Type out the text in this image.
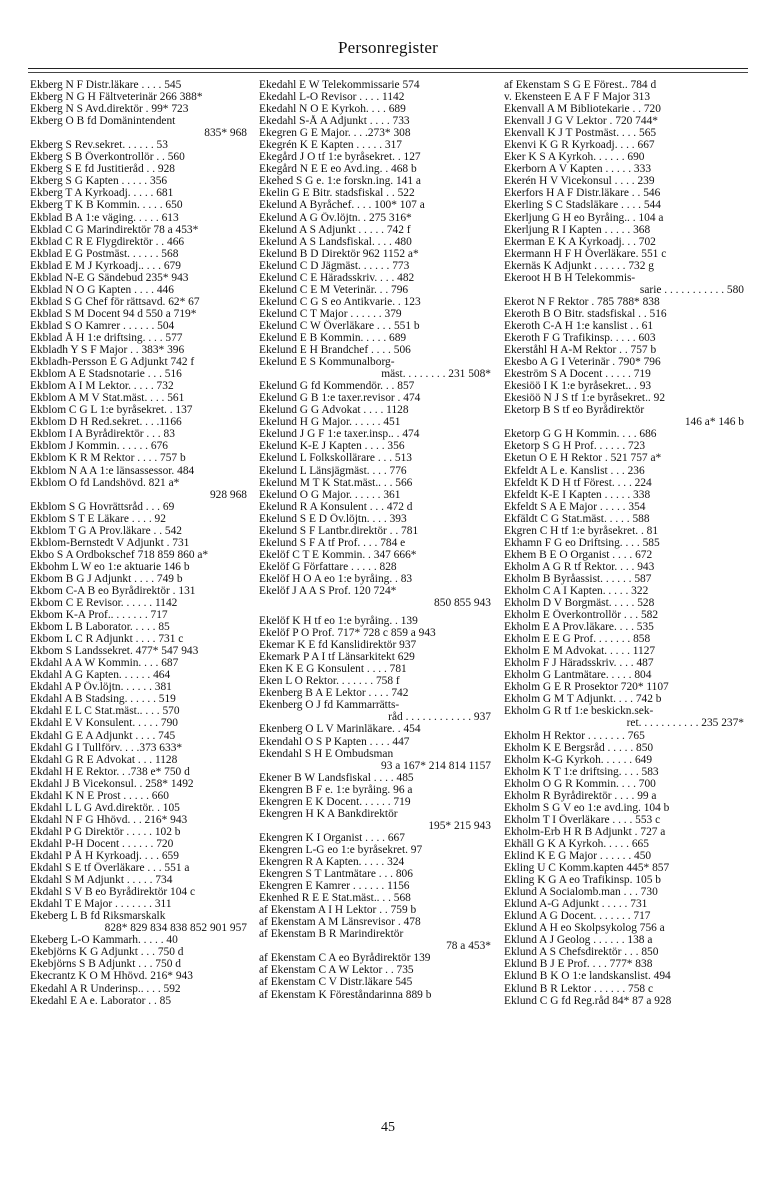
Personregister
Ekberg N F Distr.läkare . . . . 545
Ekberg N G H Fältveterinär 266 388*
Ekberg N S Avd.direktör . 99* 723
Ekberg O B fd Domänintendent
835* 968
Ekberg S Rev.sekret. . . . . . 53
Ekberg S B Överkontrollör . . 560
Ekberg S E fd Justitieråd . . 928
Ekberg S G Kapten . . . . . 356
Ekberg T A Kyrkoadj. . . . . 681
Ekberg T K B Kommin. . . . . 650
Ekblad B A 1:e väging. . . . . 613
Ekblad C G Marindirektör 78 a 453*
Ekblad C R E Flygdirektör . . 466
Ekblad E G Postmäst. . . . . . 568
Ekblad E M J Kyrkoadj.. . . . 679
Ekblad N-E G Sändebud 235* 943
Ekblad N O G Kapten . . . . 446
Ekblad S G Chef för rättsavd. 62* 67
Ekblad S M Docent 94 d 550 a 719*
Ekblad S O Kamrer . . . . . . 504
Ekblad Å H 1:e driftsing. . . . 577
Ekbladh Y S F Major . . 383* 396
Ekbladh-Persson E G Adjunkt 742 f
Ekblom A E Stadsnotarie . . . 516
Ekblom A I M Lektor. . . . . 732
Ekblom A M V Stat.mäst. . . . 561
Ekblom C G L 1:e byråsekret. . 137
Ekblom D H Red.sekret. . . .1166
Ekblom I A Byrådirektör . . . 83
Ekblom J Kommin. . . . . . 676
Ekblom K R M Rektor . . . . 757 b
Ekblom N A A 1:e länsassessor. 484
Ekblom O fd Landshövd. 821 a*
928 968
Ekblom S G Hovrättsråd . . . 69
Ekblom S T E Läkare . . . . 92
Ekblom T G A Prov.läkare . . 542
Ekblom-Bernstedt V Adjunkt . 731
Ekbo S A Ordbokschef 718 859 860 a*
Ekbohm L W eo 1:e aktuarie 146 b
Ekbom B G J Adjunkt . . . . 749 b
Ekbom C-A B eo Byrådirektör . 131
Ekbom C E Revisor. . . . . . 1142
Ekbom K-A Prof.. . . . . . . 717
Ekbom L B Laborator. . . . . 85
Ekbom L C R Adjunkt . . . . 731 c
Ekbom S Landssekret. 477* 547 943
Ekdahl A A W Kommin. . . . 687
Ekdahl A G Kapten. . . . . . 464
Ekdahl A P Öv.löjtn. . . . . . 381
Ekdahl A B Stadsing. . . . . . 519
Ekdahl E L C Stat.mäst.. . . . 570
Ekdahl E V Konsulent. . . . . 790
Ekdahl G E A Adjunkt . . . . 745
Ekdahl G I Tullförv. . . .373 633*
Ekdahl G R E Advokat . . . 1128
Ekdahl H E Rektor. . .738 e* 750 d
Ekdahl J B Vicekonsul. . 258* 1492
Ekdahl K N E Prost . . . . . 660
Ekdahl L L G Avd.direktör. . 105
Ekdahl N F G Hhövd. . . 216* 943
Ekdahl P G Direktör . . . . . 102 b
Ekdahl P-H Docent . . . . . . 720
Ekdahl P Å H Kyrkoadj. . . . 659
Ekdahl S E tf Överläkare . . . 551 a
Ekdahl S M Adjunkt . . . . . 734
Ekdahl S V B eo Byrådirektör 104 c
Ekdahl T E Major . . . . . . . 311
Ekeberg L B fd Riksmarskalk
828* 829 834 838 852 901 957
Ekeberg L-O Kammarh. . . . . 40
Ekebjörns K G Adjunkt . . . 750 d
Ekebjörns S B Adjunkt . . . 750 d
Ekecrantz K O M Hhövd. 216* 943
Ekedahl A R Underinsp.. . . . 592
Ekedahl E A e. Laborator . . 85
Ekedahl E W Telekommissarie 574
Ekedahl L-O Revisor . . . . 1142
Ekedahl N O E Kyrkoh. . . . 689
Ekedahl S-Å A Adjunkt . . . . 733
Ekegren G E Major. . . .273* 308
Ekegrén K E Kapten . . . . . 317
Ekegård J O tf 1:e byråsekret. . 127
Ekegård N E E eo Avd.ing. . 468 b
Ekehed S G e. 1:e forskn.ing. 141 a
Ekelin G E Bitr. stadsfiskal . . 522
Ekelund A Byråchef. . . . 100* 107 a
Ekelund A G Öv.löjtn. . 275 316*
Ekelund A S Adjunkt . . . . . 742 f
Ekelund A S Landsfiskal. . . . 480
Ekelund B D Direktör 962 1152 a*
Ekelund C D Jägmäst. . . . . . 773
Ekelund C E Häradsskriv. . . . 482
Ekelund C E M Veterinär. . . 796
Ekelund C G S eo Antikvarie. . 123
Ekelund C T Major . . . . . . 379
Ekelund C W Överläkare . . . 551 b
Ekelund E B Kommin. . . . . 689
Ekelund E H Brandchef . . . . 506
Ekelund E S Kommunalborg-
mäst. . . . . . . . 231 508*
Ekelund G fd Kommendör. . . 857
Ekelund G B 1:e taxer.revisor . 474
Ekelund G G Advokat . . . . 1128
Ekelund H G Major. . . . . . 451
Ekelund J G F 1:e taxer.insp.. . 474
Ekelund K-E J Kapten . . . . 356
Ekelund L Folkskollärare . . . 513
Ekelund L Länsjägmäst. . . . 776
Ekelund M T K Stat.mäst.. . . 566
Ekelund O G Major. . . . . . 361
Ekelund R A Konsulent . . . 472 d
Ekelund S E D Öv.löjtn. . . . 393
Ekelund S F Lantbr.direktör . . 781
Ekelund S F A tf Prof. . . . 784 e
Ekelöf C T E Kommin. . 347 666*
Ekelöf G Författare . . . . . 828
Ekelöf H O A eo 1:e byråing. . 83
Ekelöf J A A S Prof. 120 724*
850 855 943
Ekelöf K H tf eo 1:e byråing. . 139
Ekelöf P O Prof. 717* 728 c 859 a 943
Ekemar K E fd Kanslidirektör 937
Ekemark P A I tf Länsarkitekt 629
Eken K E G Konsulent . . . . 781
Eken L O Rektor. . . . . . . 758 f
Ekenberg B A E Lektor . . . . 742
Ekenberg O J fd Kammarrätts-
råd . . . . . . . . . . . . 937
Ekenberg O L V Marinläkare. . 454
Ekendahl O S P Kapten . . . . 447
Ekendahl S H E Ombudsman
93 a 167* 214 814 1157
Ekener B W Landsfiskal . . . . 485
Ekengren B F e. 1:e byråing. 96 a
Ekengren E K Docent. . . . . . 719
Ekengren H K A Bankdirektör
195* 215 943
Ekengren K I Organist . . . . 667
Ekengren L-G eo 1:e byråsekret. 97
Ekengren R A Kapten. . . . . 324
Ekengren S T Lantmätare . . . 806
Ekengren E Kamrer . . . . . . 1156
Ekenhed R E E Stat.mäst.. . . 568
af Ekenstam A I H Lektor . . 759 b
af Ekenstam A M Länsrevisor . 478
af Ekenstam B R Marindirektör
78 a 453*
af Ekenstam C A eo Byrådirektör 139
af Ekenstam C A W Lektor . . 735
af Ekenstam C V Distr.läkare 545
af Ekenstam K Föreståndarinna 889 b
af Ekenstam S G E Förest.. 784 d
v. Ekensteen E A F F Major 313
Ekenvall A M Bibliotekarie . . 720
Ekenvall J G V Lektor . 720 744*
Ekenvall K J T Postmäst. . . . 565
Ekenvi K G R Kyrkoadj. . . . 667
Eker K S A Kyrkoh. . . . . . 690
Ekerborn A V Kapten . . . . . 333
Ekerén H V Vicekonsul . . . . 239
Ekerfors H A F Distr.läkare . . 546
Ekerling S C Stadsläkare . . . . 544
Ekerljung G H eo Byråing.. . 104 a
Ekerljung R I Kapten . . . . . 368
Ekerman E K A Kyrkoadj. . . 702
Ekermann H F H Överläkare. 551 c
Ekernäs K Adjunkt . . . . . . 732 g
Ekeroot H B H Telekommis-
sarie . . . . . . . . . . . 580
Ekerot N F Rektor . 785 788* 838
Ekeroth B O Bitr. stadsfiskal . . 516
Ekeroth C-A H 1:e kanslist . . 61
Ekeroth F G Trafikinsp. . . . . 603
Ekerståhl H A-M Rektor . . 757 b
Ekesbo A G I Veterinär . 790* 796
Ekeström S A Docent . . . . . 719
Ekesiöö I K 1:e byråsekret.. . 93
Ekesiöö N J S tf 1:e byråsekret.. 92
Eketorp B S tf eo Byrådirektör
146 a* 146 b
Eketorp G G H Kommin. . . . 686
Eketorp S G H Prof. . . . . . 723
Eketun O E H Rektor . 521 757 a*
Ekfeldt A L e. Kanslist . . . 236
Ekfeldt K D H tf Förest. . . . 224
Ekfeldt K-E I Kapten . . . . . 338
Ekfeldt S A E Major . . . . . 354
Ekfäldt C G Stat.mäst. . . . . 588
Ekgren C H tf 1:e byråsekret. . 81
Ekhamn F G eo Driftsing. . . . 585
Ekhem B E O Organist . . . . 672
Ekholm A G R tf Rektor. . . . 943
Ekholm B Byråassist. . . . . . 587
Ekholm C A I Kapten. . . . . 322
Ekholm D V Borgmäst. . . . . 528
Ekholm E Överkontrollör . . . 582
Ekholm E A Prov.läkare. . . . 535
Ekholm E E G Prof. . . . . . . 858
Ekholm E M Advokat. . . . . 1127
Ekholm F J Häradsskriv. . . . 487
Ekholm G Lantmätare. . . . . 804
Ekholm G E R Prosektor 720* 1107
Ekholm G M T Adjunkt. . . . 742 b
Ekholm G R tf 1:e beskickn.sek-
ret. . . . . . . . . . . 235 237*
Ekholm H Rektor . . . . . . . 765
Ekholm K E Bergsråd . . . . . 850
Ekholm K-G Kyrkoh. . . . . . 649
Ekholm K T 1:e driftsing. . . . 583
Ekholm O G R Kommin. . . . 700
Ekholm R Byrådirektör . . . . 99 a
Ekholm S G V eo 1:e avd.ing. 104 b
Ekholm T I Överläkare . . . . 553 c
Ekholm-Erb H R B Adjunkt . 727 a
Ekhäll G K A Kyrkoh. . . . . 665
Eklind K E G Major . . . . . . 450
Ekling U C Komm.kapten 445* 857
Ekling K G A eo Trafikinsp. 105 b
Eklund A Socialomb.man . . . 730
Eklund A-G Adjunkt . . . . . 731
Eklund A G Docent. . . . . . . 717
Eklund A H eo Skolpsykolog 756 a
Eklund A J Geolog . . . . . . 138 a
Eklund A S Chefsdirektör . . . 850
Eklund B J E Prof. . . . 777* 838
Eklund B K O 1:e landskanslist. 494
Eklund B R Lektor . . . . . . 758 c
Eklund C G fd Reg.råd 84* 87 a 928
45
